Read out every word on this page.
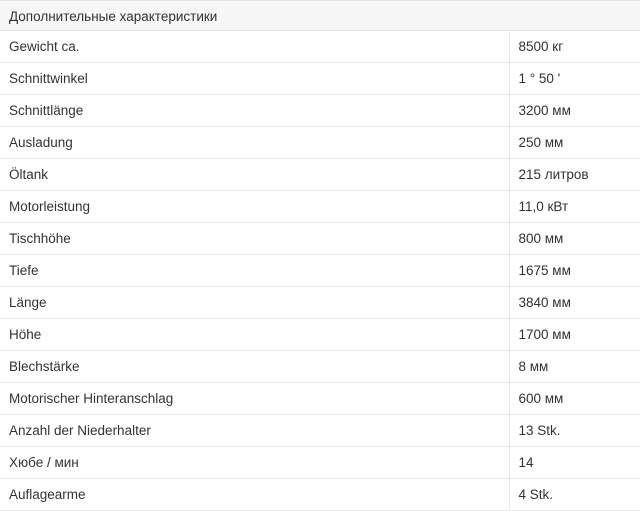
Дополнительные характеристики
Gewicht ca.	8500 кг
Schnittwinkel	1 ° 50 '
Schnittlänge	3200 мм
Ausladung	250 мм
Öltank	215 литров
Motorleistung	11,0 кВт
Tischhöhe	800 мм
Tiefe	1675 мм
Länge	3840 мм
Höhe	1700 мм
Blechstärke	8 мм
Motorischer Hinteranschlag	600 мм
Anzahl der Niederhalter	13 Stk.
Хюбе / мин	14
Auflagearme	4 Stk.
